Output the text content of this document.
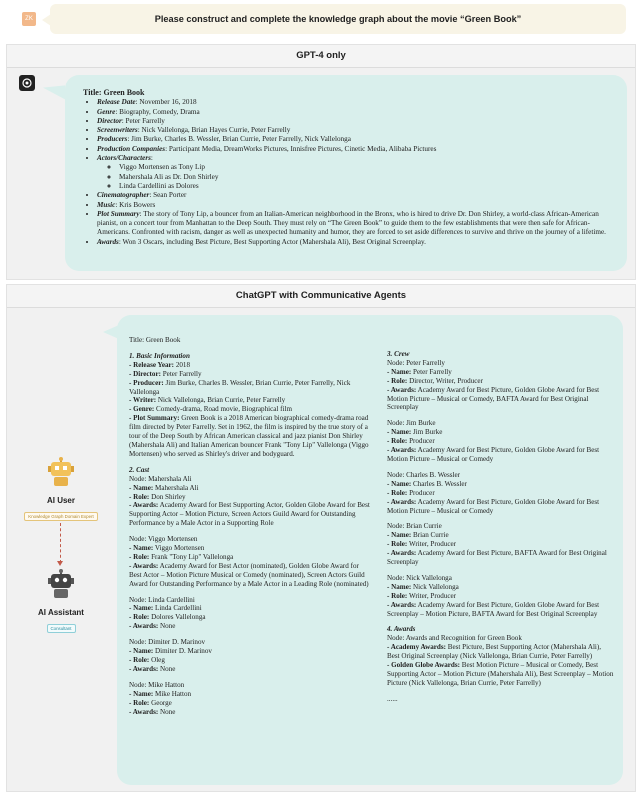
ZK	Please construct and complete the knowledge graph about the movie “Green Book”
GPT-4 only
Title: Green Book
• Release Date: November 16, 2018
• Genre: Biography, Comedy, Drama
• Director: Peter Farrelly
• Screenwriters: Nick Vallelonga, Brian Hayes Currie, Peter Farrelly
• Producers: Jim Burke, Charles B. Wessler, Brian Currie, Peter Farrelly, Nick Vallelonga
• Production Companies: Participant Media, DreamWorks Pictures, Innisfree Pictures, Cinetic Media, Alibaba Pictures
• Actors/Characters:
◦ Viggo Mortensen as Tony Lip
◦ Mahershala Ali as Dr. Don Shirley
◦ Linda Cardellini as Dolores
• Cinematographer: Sean Porter
• Music: Kris Bowers
• Plot Summary: The story of Tony Lip, a bouncer from an Italian-American neighborhood in the Bronx, who is hired to drive Dr. Don Shirley, a world-class African-American pianist, on a concert tour from Manhattan to the Deep South. They must rely on “The Green Book” to guide them to the few establishments that were then safe for African-Americans. Confronted with racism, danger as well as unexpected humanity and humor, they are forced to set aside differences to survive and thrive on the journey of a lifetime.
• Awards: Won 3 Oscars, including Best Picture, Best Supporting Actor (Mahershala Ali), Best Original Screenplay.
ChatGPT with Communicative Agents
AI User
Knowledge Graph Domain Expert
AI Assistant
Consultant

Title: Green Book

1. Basic Information

- Release Year: 2018

- Director: Peter Farrelly

- Producer: Jim Burke, Charles B. Wessler, Brian Currie, Peter Farrelly, Nick Vallelonga

- Writer: Nick Vallelonga, Brian Currie, Peter Farrelly

- Genre: Comedy-drama, Road movie, Biographical film

- Plot Summary: Green Book is a 2018 American biographical comedy-drama road film directed by Peter Farrelly. Set in 1962, the film is inspired by the true story of a tour of the Deep South by African American classical and jazz pianist Don Shirley (Mahershala Ali) and Italian American bouncer Frank "Tony Lip" Vallelonga (Viggo Mortensen) who served as Shirley's driver and bodyguard.

2. Cast

Node: Mahershala Ali

- Name: Mahershala Ali

- Role: Don Shirley

- Awards: Academy Award for Best Supporting Actor, Golden Globe Award for Best Supporting Actor – Motion Picture, Screen Actors Guild Award for Outstanding Performance by a Male Actor in a Supporting Role

Node: Viggo Mortensen

- Name: Viggo Mortensen

- Role: Frank "Tony Lip" Vallelonga

- Awards: Academy Award for Best Actor (nominated), Golden Globe Award for Best Actor – Motion Picture Musical or Comedy (nominated), Screen Actors Guild Award for Outstanding Performance by a Male Actor in a Leading Role (nominated)

Node: Linda Cardellini

- Name: Linda Cardellini

- Role: Dolores Vallelonga

- Awards: None

Node: Dimiter D. Marinov

- Name: Dimiter D. Marinov

- Role: Oleg

- Awards: None

Node: Mike Hatton

- Name: Mike Hatton

- Role: George

- Awards: None

3. Crew

Node: Peter Farrelly

- Name: Peter Farrelly

- Role: Director, Writer, Producer

- Awards: Academy Award for Best Picture, Golden Globe Award for Best Motion Picture – Musical or Comedy, BAFTA Award for Best Original Screenplay

Node: Jim Burke

- Name: Jim Burke

- Role: Producer

- Awards: Academy Award for Best Picture, Golden Globe Award for Best Motion Picture – Musical or Comedy

Node: Charles B. Wessler

- Name: Charles B. Wessler

- Role: Producer

- Awards: Academy Award for Best Picture, Golden Globe Award for Best Motion Picture – Musical or Comedy

Node: Brian Currie

- Name: Brian Currie

- Role: Writer, Producer

- Awards: Academy Award for Best Picture, BAFTA Award for Best Original Screenplay

Node: Nick Vallelonga

- Name: Nick Vallelonga

- Role: Writer, Producer

- Awards: Academy Award for Best Picture, Golden Globe Award for Best Screenplay – Motion Picture, BAFTA Award for Best Original Screenplay

4. Awards

Node: Awards and Recognition for Green Book

- Academy Awards: Best Picture, Best Supporting Actor (Mahershala Ali), Best Original Screenplay (Nick Vallelonga, Brian Currie, Peter Farrelly)

- Golden Globe Awards: Best Motion Picture – Musical or Comedy, Best Supporting Actor – Motion Picture (Mahershala Ali), Best Screenplay – Motion Picture (Nick Vallelonga, Brian Currie, Peter Farrelly)

......
